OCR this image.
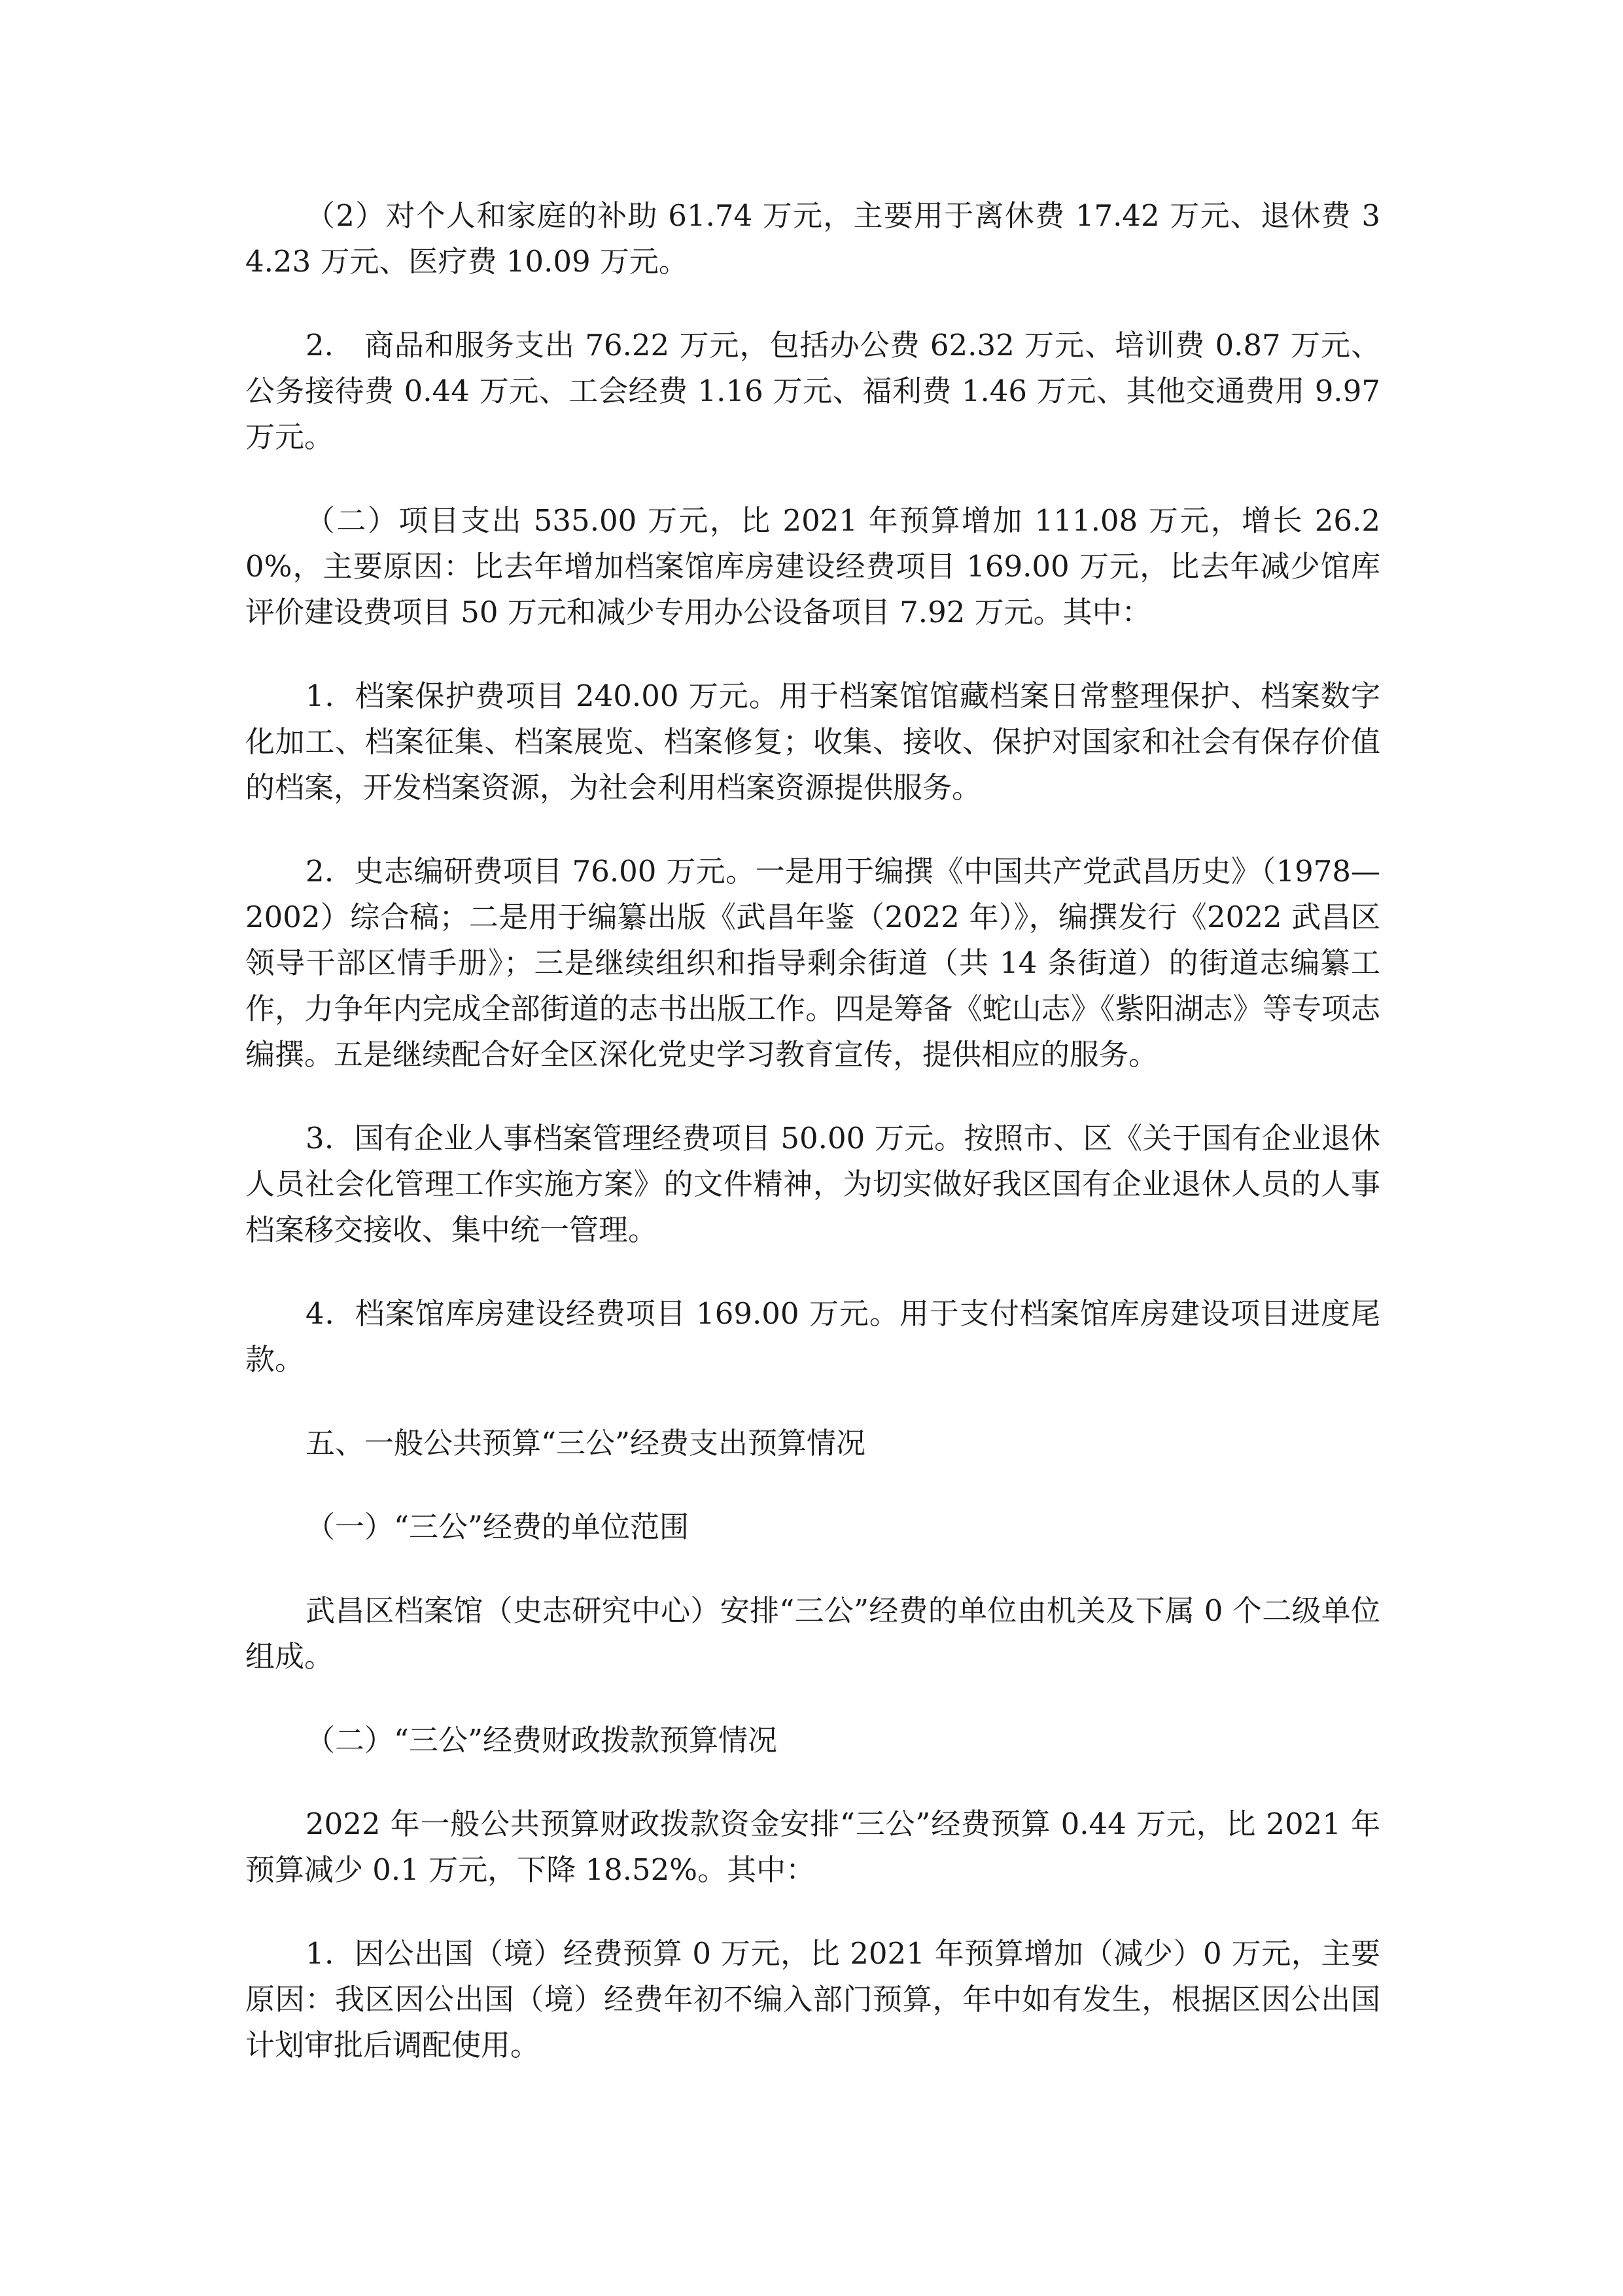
（2）对个人和家庭的补助 61.74 万元，主要用于离休费 17.42 万元、退休费 34.23 万元、医疗费 10.09 万元。

2.　商品和服务支出 76.22 万元，包括办公费 62.32 万元、培训费 0.87 万元、公务接待费 0.44 万元、工会经费 1.16 万元、福利费 1.46 万元、其他交通费用 9.97 万元。

（二）项目支出 535.00 万元，比 2021 年预算增加 111.08 万元，增长 26.20%，主要原因：比去年增加档案馆库房建设经费项目 169.00 万元，比去年减少馆库评价建设费项目 50 万元和减少专用办公设备项目 7.92 万元。其中：

1．档案保护费项目 240.00 万元。用于档案馆馆藏档案日常整理保护、档案数字化加工、档案征集、档案展览、档案修复；收集、接收、保护对国家和社会有保存价值的档案，开发档案资源，为社会利用档案资源提供服务。

2．史志编研费项目 76.00 万元。一是用于编撰《中国共产党武昌历史》（1978—2002）综合稿；二是用于编纂出版《武昌年鉴（2022 年）》，编撰发行《2022 武昌区领导干部区情手册》；三是继续组织和指导剩余街道（共 14 条街道）的街道志编纂工作，力争年内完成全部街道的志书出版工作。四是筹备《蛇山志》《紫阳湖志》等专项志编撰。五是继续配合好全区深化党史学习教育宣传，提供相应的服务。

3．国有企业人事档案管理经费项目 50.00 万元。按照市、区《关于国有企业退休人员社会化管理工作实施方案》的文件精神，为切实做好我区国有企业退休人员的人事档案移交接收、集中统一管理。

4．档案馆库房建设经费项目 169.00 万元。用于支付档案馆库房建设项目进度尾款。

五、一般公共预算“三公”经费支出预算情况

（一）“三公”经费的单位范围

武昌区档案馆（史志研究中心）安排“三公”经费的单位由机关及下属 0 个二级单位组成。

（二）“三公”经费财政拨款预算情况

2022 年一般公共预算财政拨款资金安排“三公”经费预算 0.44 万元，比 2021 年预算减少 0.1 万元，下降 18.52%。其中：

1．因公出国（境）经费预算 0 万元，比 2021 年预算增加（减少）0 万元，主要原因：我区因公出国（境）经费年初不编入部门预算，年中如有发生，根据区因公出国计划审批后调配使用。
